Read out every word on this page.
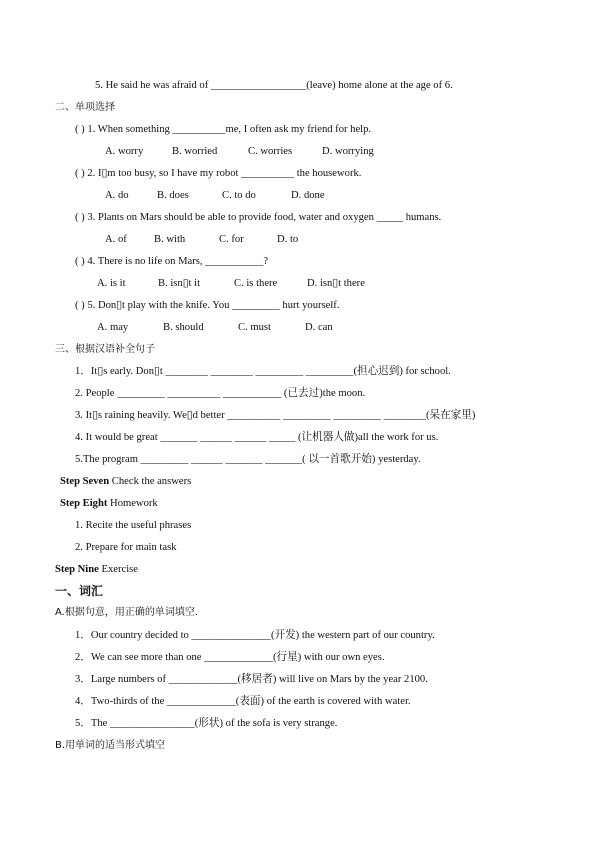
5. He said he was afraid of __________________(leave) home alone at the age of 6.
二、单项选择
( ) 1. When something __________me, I often ask my friend for help.
A. worry	B. worried	C. worries	D. worrying
( ) 2. I▯m too busy, so I have my robot __________ the housework.
A. do	B. does	C. to do	D. done
( ) 3. Plants on Mars should be able to provide food, water and oxygen _____ humans.
A. of	B. with	C. for	D. to
( ) 4. There is no life on Mars, ___________?
A. is it	B. isn▯t it	C. is there	D. isn▯t there
( ) 5. Don▯t play with the knife. You _________ hurt yourself.
A. may	B. should	C. must	D. can
三、根据汉语补全句子
1．It▯s early. Don▯t ________ ________ _________ _________(担心迟到) for school.
2. People _________ __________ ___________ (已去过)the moon.
3. It▯s raining heavily. We▯d better __________ _________ _________ ________(呆在家里)
4. It would be great _______ ______ ______ _____ (让机器人做)all the work for us.
5.The program _________ ______ _______ _______( 以一首歌开始) yesterday.
Step Seven Check the answers
Step Eight Homework
1. Recite the useful phrases
2. Prepare for main task
Step Nine Exercise
一、词汇
A.根据句意，用正确的单词填空.
1．Our country decided to _______________(开发) the western part of our country.
2．We can see more than one _____________(行星) with our own eyes.
3．Large numbers of _____________(移居者) will live on Mars by the year 2100.
4．Two-thirds of the _____________(表面) of the earth is covered with water.
5．The ________________(形状) of the sofa is very strange.
B.用单词的适当形式填空
